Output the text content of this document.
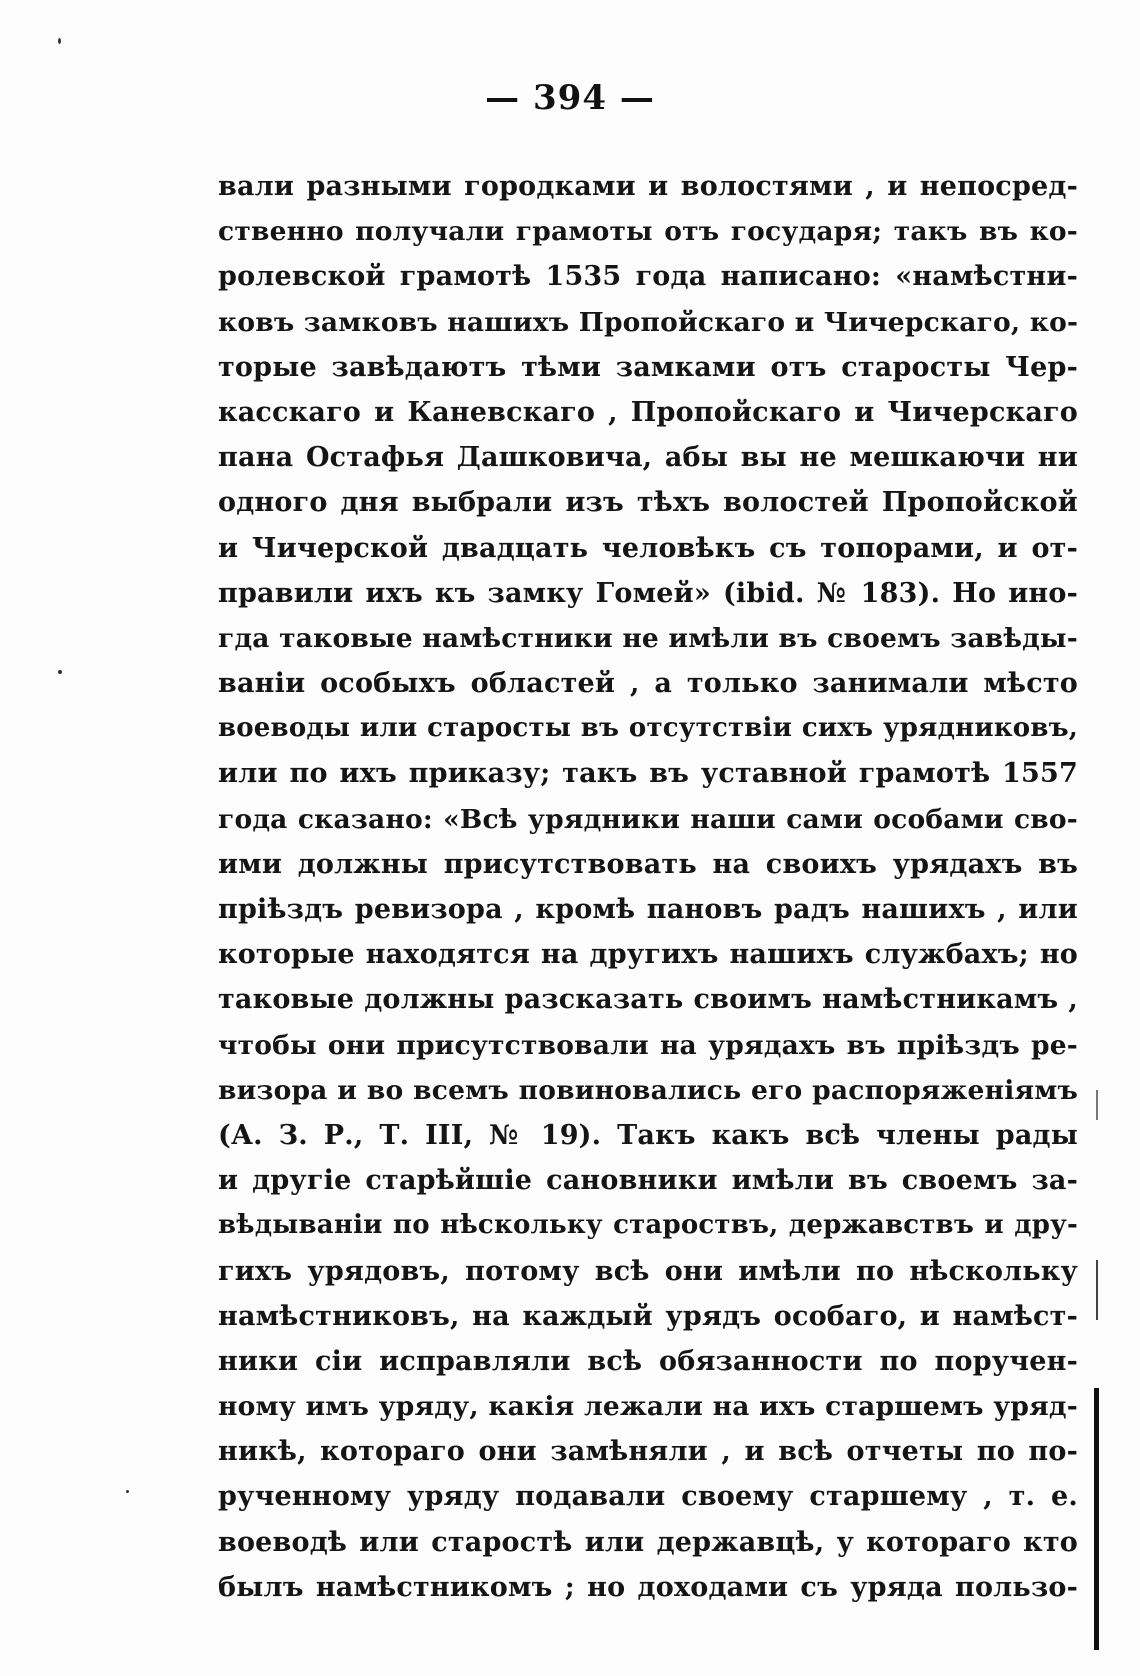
— 394 —
вали разными городками и волостями , и непосред-
ственно получали грамоты отъ государя; такъ въ ко-
ролевской грамотѣ 1535 года написано: «намѣстни-
ковъ замковъ нашихъ Пропойскаго и Чичерскаго, ко-
торые завѣдаютъ тѣми замками отъ старосты Чер-
касскаго и Каневскаго , Пропойскаго и Чичерскаго
пана Остафья Дашковича, абы вы не мешкаючи ни
одного дня выбрали изъ тѣхъ волостей Пропойской
и Чичерской двадцать человѣкъ съ топорами, и от-
правили ихъ къ замку Гомей» (ibid. № 183). Но ино-
гда таковые намѣстники не имѣли въ своемъ завѣды-
ваніи особыхъ областей , а только занимали мѣсто
воеводы или старосты въ отсутствіи сихъ урядниковъ,
или по ихъ приказу; такъ въ уставной грамотѣ 1557
года сказано: «Всѣ урядники наши сами особами сво-
ими должны присутствовать на своихъ урядахъ въ
пріѣздъ ревизора , кромѣ пановъ радъ нашихъ , или
которые находятся на другихъ нашихъ службахъ; но
таковые должны разсказать своимъ намѣстникамъ ,
чтобы они присутствовали на урядахъ въ пріѣздъ ре-
визора и во всемъ повиновались его распоряженіямъ
(А. З. Р., Т. III, № 19). Такъ какъ всѣ члены рады
и другіе старѣйшіе сановники имѣли въ своемъ за-
вѣдываніи по нѣскольку староствъ, державствъ и дру-
гихъ урядовъ, потому всѣ они имѣли по нѣскольку
намѣстниковъ, на каждый урядъ особаго, и намѣст-
ники сіи исправляли всѣ обязанности по поручен-
ному имъ уряду, какія лежали на ихъ старшемъ уряд-
никѣ, котораго они замѣняли , и всѣ отчеты по по-
рученному уряду подавали своему старшему , т. е.
воеводѣ или старостѣ или державцѣ, у котораго кто
былъ намѣстникомъ ; но доходами съ уряда пользо-
